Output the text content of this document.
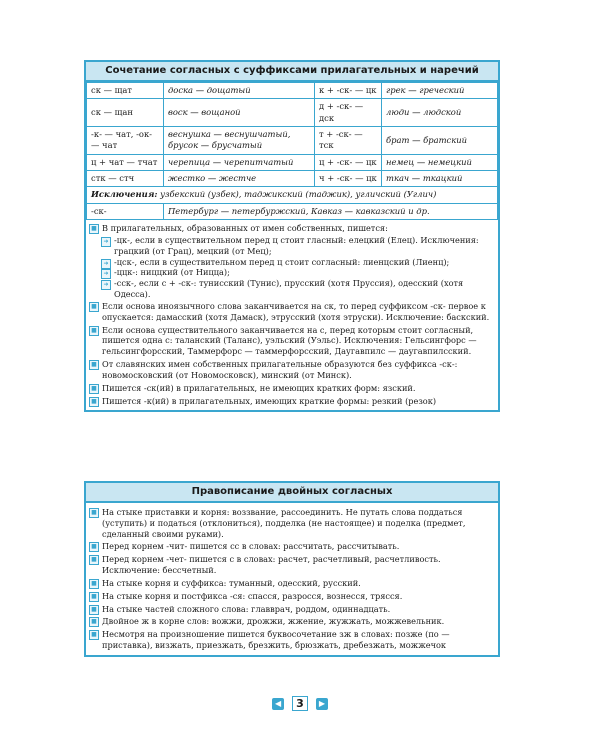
Сочетание согласных с суффиксами прилагательных и наречий
ск — щат	доска — дощатый	к + -ск- — цк	грек — греческий
ск — щан	воск — вощаной	д + -ск- — дск	люди — людской
-к- — чат, -ок- — чат	веснушка — веснушчатый, брусок — брусчатый	т + -ск- — тск	брат — братский
ц + чат — тчат	черепица — черепитчатый	ц + -ск- — цк	немец — немецкий
стк — стч	жестко — жестче	ч + -ск- — цк	ткач — ткацкий
Исключения: узбекский (узбек), таджикский (таджик), угличский (Углич)			
-ск-	Петербург — петербуржский, Кавказ — кавказский и др.		
■ В прилагательных, образованных от имен собственных, пишется:
➜ -цк-, если в существительном перед ц стоит гласный: елецкий (Елец). Исключения: грацкий (от Грац), мецкий (от Мец);
➜ -цск-, если в существительном перед ц стоит согласный: лиенцский (Лиенц);
➜ -ццк-: ниццкий (от Ницца);
➜ -сск-, если с + -ск-: тунисский (Тунис), прусский (хотя Пруссия), одесский (хотя Одесса).
■ Если основа иноязычного слова заканчивается на ск, то перед суффиксом -ск- первое к опускается: дамасский (хотя Дамаск), этрусский (хотя этруски). Исключение: баскский.
■ Если основа существительного заканчивается на с, перед которым стоит согласный, пишется одна с: таланский (Таланс), уэльский (Уэльс). Исключения: Гельсингфорс — гельсингфорсский, Таммерфорс — таммерфорсский, Даугавпилс — даугавпилсский.
■ От славянских имен собственных прилагательные образуются без суффикса -ск-: новомосковский (от Новомосковск), минский (от Минск).
■ Пишется -ск(ий) в прилагательных, не имеющих кратких форм: язский.
■ Пишется -к(ий) в прилагательных, имеющих краткие формы: резкий (резок)
Правописание двойных согласных
■ На стыке приставки и корня: воззвание, рассоединить. Не путать слова поддаться (уступить) и податься (отклониться), подделка (не настоящее) и поделка (предмет, сделанный своими руками).
■ Перед корнем -чит- пишется сс в словах: рассчитать, рассчитывать.
■ Перед корнем -чет- пишется с в словах: расчет, расчетливый, расчетливость. Исключение: бессчетный.
■ На стыке корня и суффикса: туманный, одесский, русский.
■ На стыке корня и постфикса -ся: спасся, разросся, вознесся, трясся.
■ На стыке частей сложного слова: главврач, роддом, одиннадцать.
■ Двойное ж в корне слов: вожжи, дрожжи, жжение, жужжать, можжевельник.
■ Несмотря на произношение пишется буквосочетание зж в словах: позже (по — приставка), визжать, приезжать, брезжить, брюзжать, дребезжать, можжечок
◀ 3 ▶
